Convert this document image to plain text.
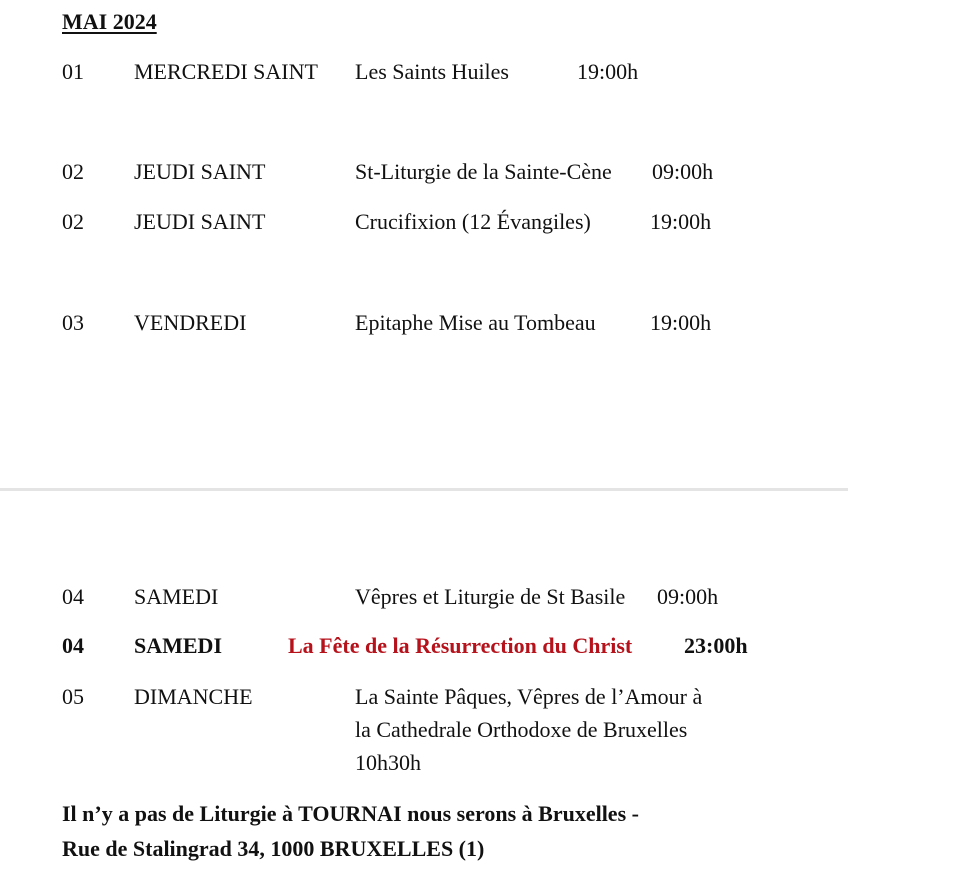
MAI 2024
01 MERCREDI SAINT Les Saints Huiles	19:00h
02 JEUDI SAINT	St-Liturgie de la Sainte-Cène 09:00h
02 JEUDI SAINT	Crucifixion (12 Évangiles)	19:00h
03 VENDREDI	Epitaphe Mise au Tombeau 19:00h
04 SAMEDI	Vêpres et Liturgie de St Basile 09:00h
04 SAMEDI	La Fête de la Résurrection du Christ 23:00h
05 DIMANCHE	La Sainte Pâques, Vêpres de l’Amour à
la Cathedrale Orthodoxe de Bruxelles
10h30h
Il n’y a pas de Liturgie à TOURNAI nous serons à Bruxelles -
Rue de Stalingrad 34, 1000 BRUXELLES (1)
